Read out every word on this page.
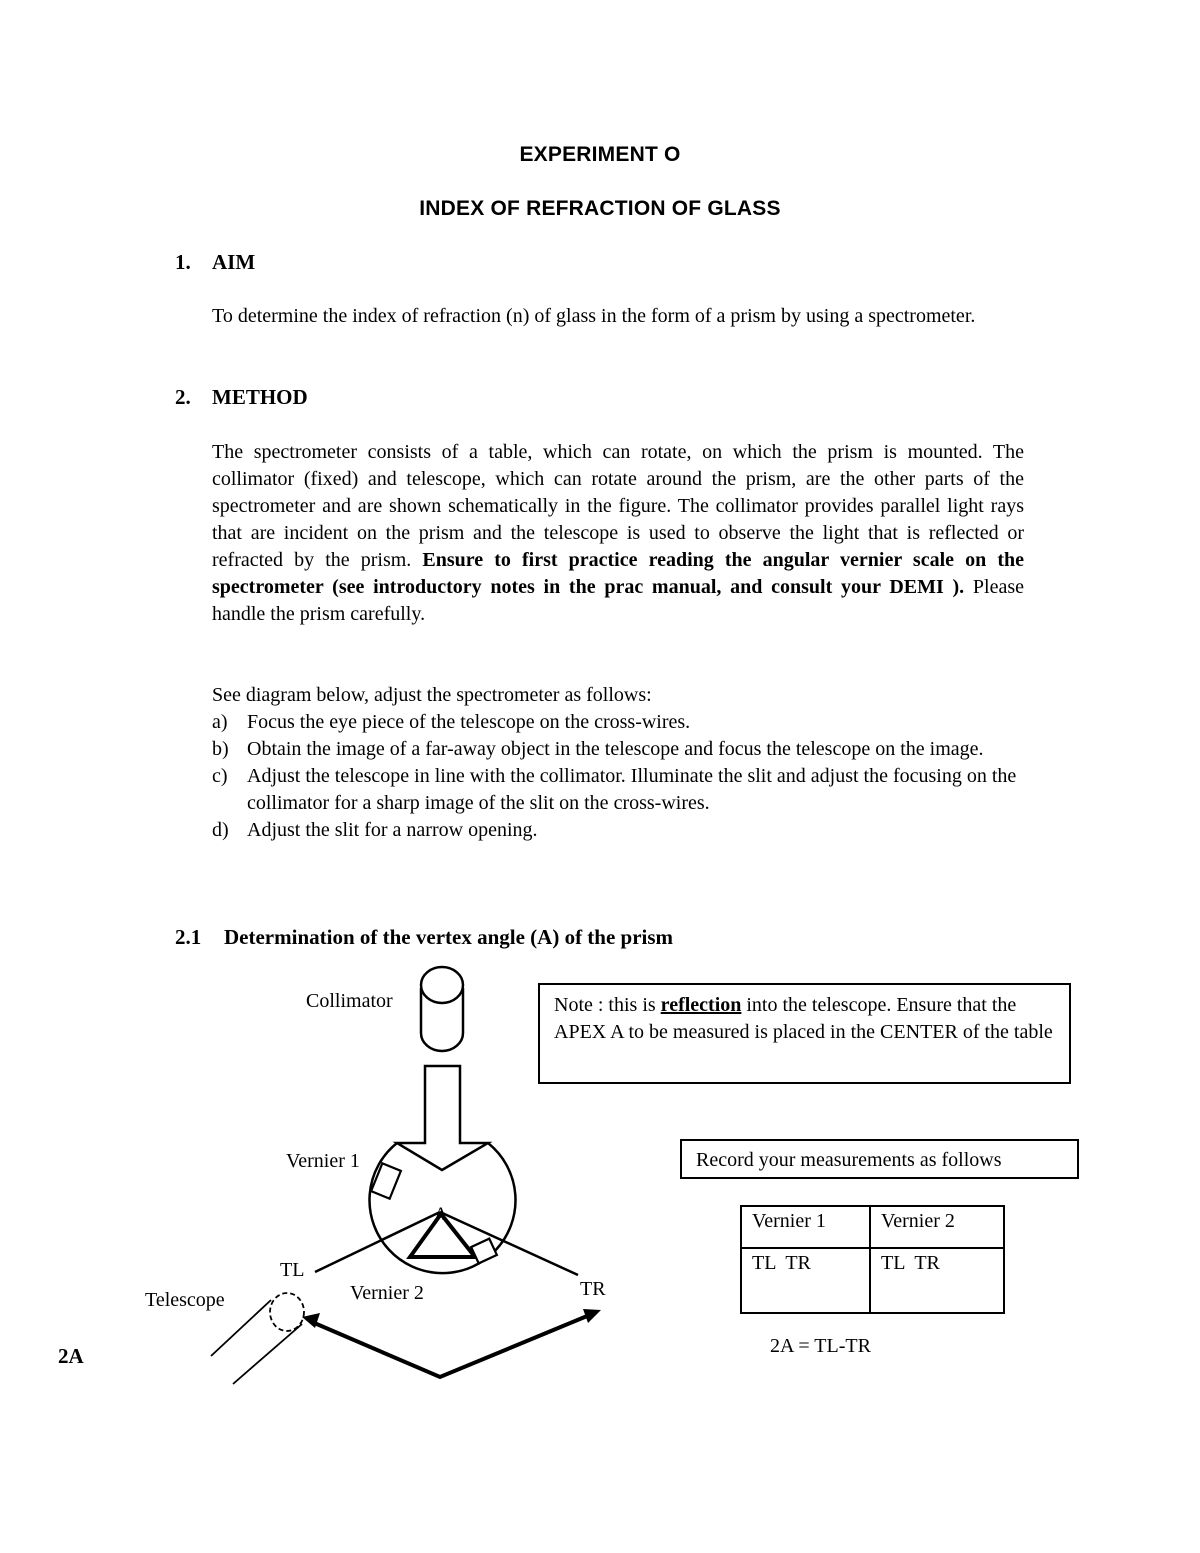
EXPERIMENT O
INDEX OF REFRACTION OF GLASS
1. AIM
To determine the index of refraction (n) of glass in the form of a prism by using a spectrometer.
2. METHOD
The spectrometer consists of a table, which can rotate, on which the prism is mounted. The collimator (fixed) and telescope, which can rotate around the prism, are the other parts of the spectrometer and are shown schematically in the figure. The collimator provides parallel light rays that are incident on the prism and the telescope is used to observe the light that is reflected or refracted by the prism. Ensure to first practice reading the angular vernier scale on the spectrometer (see introductory notes in the prac manual, and consult your DEMI ). Please handle the prism carefully.
See diagram below, adjust the spectrometer as follows:
a) Focus the eye piece of the telescope on the cross-wires.
b) Obtain the image of a far-away object in the telescope and focus the telescope on the image.
c) Adjust the telescope in line with the collimator. Illuminate the slit and adjust the focusing on the collimator for a sharp image of the slit on the cross-wires.
d) Adjust the slit for a narrow opening.
2.1 Determination of the vertex angle (A) of the prism
Collimator
Vernier 1
A
TL
Vernier 2	TR
Telescope
2A
Note : this is reflection into the telescope. Ensure that the APEX A to be measured is placed in the CENTER of the table
Record your measurements as follows
Vernier 1	Vernier 2
TL  TR	TL  TR
2A = TL-TR
